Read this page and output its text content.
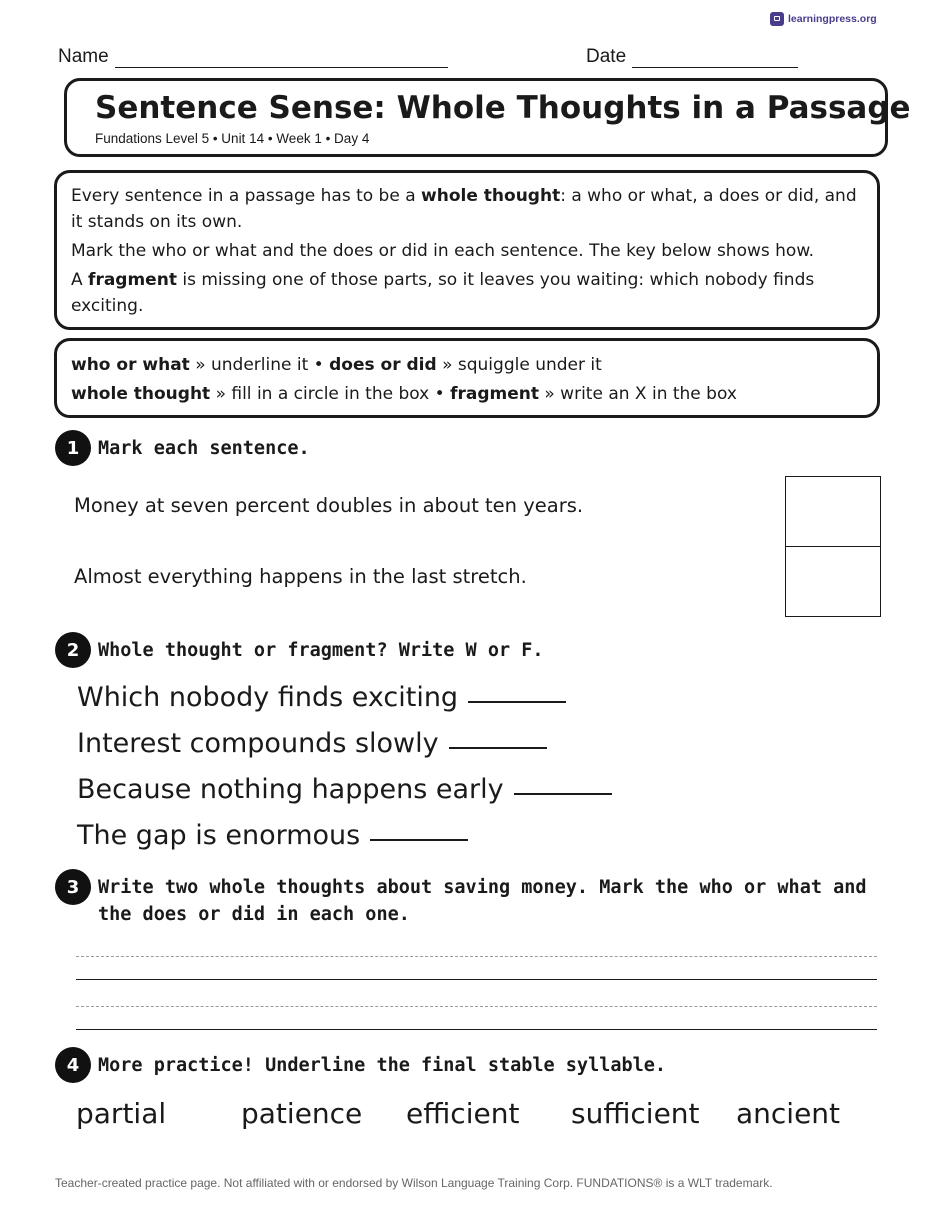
learningpress.org
Name	Date
Sentence Sense: Whole Thoughts in a Passage
Fundations Level 5 • Unit 14 • Week 1 • Day 4

Every sentence in a passage has to be a whole thought: a who or what, a does or did, and it stands on its own.

Mark the who or what and the does or did in each sentence. The key below shows how.

A fragment is missing one of those parts, so it leaves you waiting: which nobody finds exciting.

who or what » underline it • does or did » squiggle under it
whole thought » fill in a circle in the box • fragment » write an X in the box
1	Mark each sentence.
Money at seven percent doubles in about ten years.
Almost everything happens in the last stretch.
2	Whole thought or fragment? Write W or F.
Which nobody finds exciting
Interest compounds slowly
Because nothing happens early
The gap is enormous
3	Write two whole thoughts about saving money. Mark the who or what and the does or did in each one.
4	More practice! Underline the final stable syllable.
partial	patience efficient sufficient ancient
Teacher-created practice page. Not affiliated with or endorsed by Wilson Language Training Corp. FUNDATIONS® is a WLT trademark.
